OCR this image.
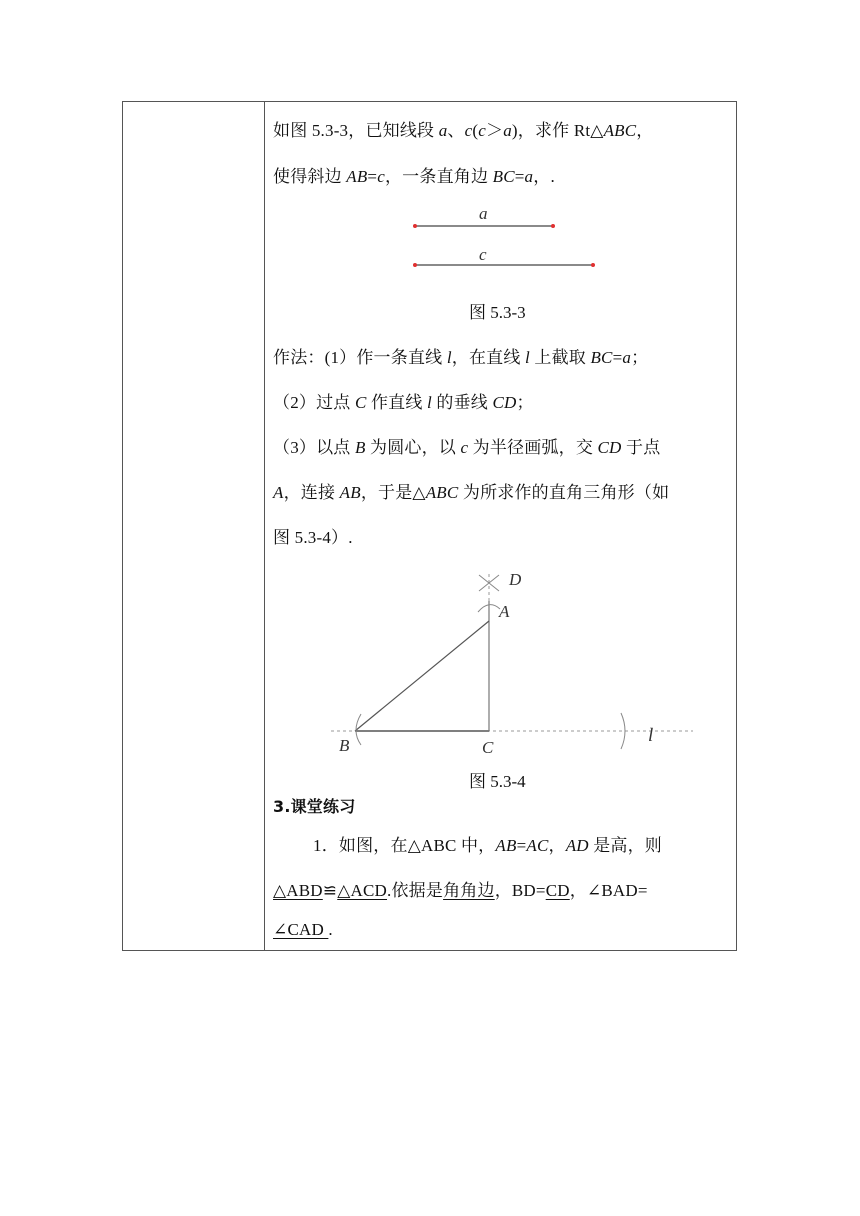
如图 5.3-3，已知线段 a、c(c＞a)，求作 Rt△ABC，
使得斜边 AB=c，一条直角边 BC=a，.
a
c
图 5.3-3
作法：(1）作一条直线 l，在直线 l 上截取 BC=a；
（2）过点 C 作直线 l 的垂线 CD；
（3）以点 B 为圆心，以 c 为半径画弧，交 CD 于点
A，连接 AB，于是△ABC 为所求作的直角三角形（如
图 5.3-4）.
D
A
B	C
l
图 5.3-4
3.课堂练习
1．如图，在△ABC 中，AB=AC，AD 是高，则
△ABD≌△ACD.依据是角角边，BD=CD，∠BAD=
∠CAD .
